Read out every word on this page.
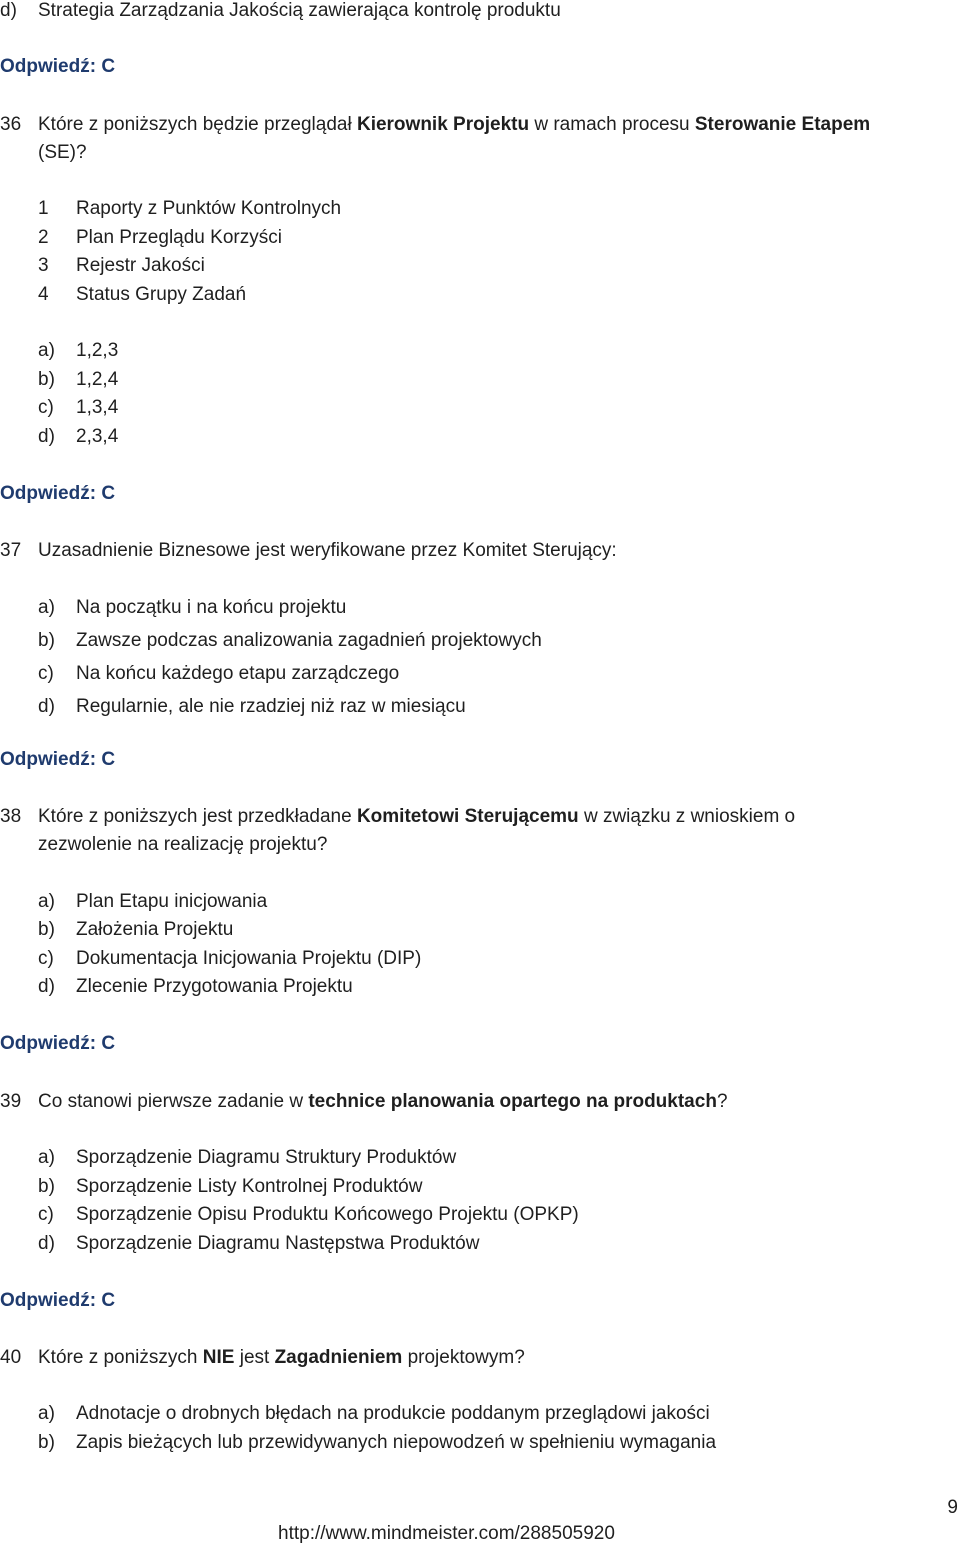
d) Strategia Zarządzania Jakością zawierająca kontrolę produktu
Odpwiedź: C
36 Które z poniższych będzie przeglądał Kierownik Projektu w ramach procesu Sterowanie Etapem
(SE)?
1 Raporty z Punktów Kontrolnych
2 Plan Przeglądu Korzyści
3 Rejestr Jakości
4 Status Grupy Zadań
a) 1,2,3
b) 1,2,4
c) 1,3,4
d) 2,3,4
Odpwiedź: C
37 Uzasadnienie Biznesowe jest weryfikowane przez Komitet Sterujący:
a) Na początku i na końcu projektu
b) Zawsze podczas analizowania zagadnień projektowych
c) Na końcu każdego etapu zarządczego
d) Regularnie, ale nie rzadziej niż raz w miesiącu
Odpwiedź: C
38 Które z poniższych jest przedkładane Komitetowi Sterującemu w związku z wnioskiem o
zezwolenie na realizację projektu?
a) Plan Etapu inicjowania
b) Założenia Projektu
c) Dokumentacja Inicjowania Projektu (DIP)
d) Zlecenie Przygotowania Projektu
Odpwiedź: C
39 Co stanowi pierwsze zadanie w technice planowania opartego na produktach?
a) Sporządzenie Diagramu Struktury Produktów
b) Sporządzenie Listy Kontrolnej Produktów
c) Sporządzenie Opisu Produktu Końcowego Projektu (OPKP)
d) Sporządzenie Diagramu Następstwa Produktów
Odpwiedź: C
40 Które z poniższych NIE jest Zagadnieniem projektowym?
a) Adnotacje o drobnych błędach na produkcie poddanym przeglądowi jakości
b) Zapis bieżących lub przewidywanych niepowodzeń w spełnieniu wymagania
9
http://www.mindmeister.com/288505920
